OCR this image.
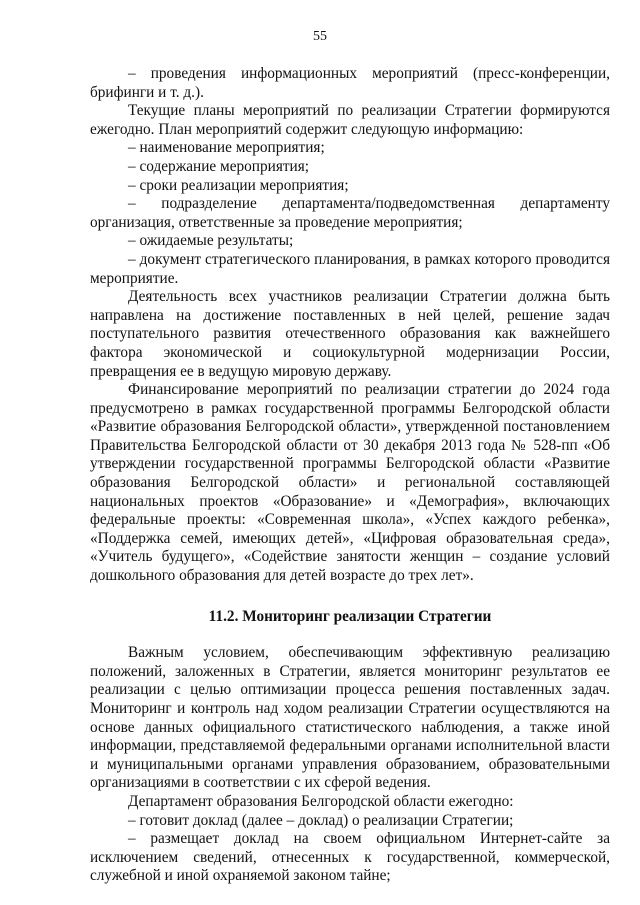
55

– проведения информационных мероприятий (пресс-конференции, брифинги и т. д.).

Текущие планы мероприятий по реализации Стратегии формируются ежегодно. План мероприятий содержит следующую информацию:

– наименование мероприятия;

– содержание мероприятия;

– сроки реализации мероприятия;

– подразделение департамента/подведомственная департаменту организация, ответственные за проведение мероприятия;

– ожидаемые результаты;

– документ стратегического планирования, в рамках которого проводится мероприятие.

Деятельность всех участников реализации Стратегии должна быть направлена на достижение поставленных в ней целей, решение задач поступательного развития отечественного образования как важнейшего фактора экономической и социокультурной модернизации России, превращения ее в ведущую мировую державу.

Финансирование мероприятий по реализации стратегии до 2024 года предусмотрено в рамках государственной программы Белгородской области «Развитие образования Белгородской области», утвержденной постановлением Правительства Белгородской области от 30 декабря 2013 года № 528-пп «Об утверждении государственной программы Белгородской области «Развитие образования Белгородской области» и региональной составляющей национальных проектов «Образование» и «Демография», включающих федеральные проекты: «Современная школа», «Успех каждого ребенка», «Поддержка семей, имеющих детей», «Цифровая образовательная среда», «Учитель будущего», «Содействие занятости женщин – создание условий дошкольного образования для детей возрасте до трех лет».

11.2. Мониторинг реализации Стратегии

Важным условием, обеспечивающим эффективную реализацию положений, заложенных в Стратегии, является мониторинг результатов ее реализации с целью оптимизации процесса решения поставленных задач. Мониторинг и контроль над ходом реализации Стратегии осуществляются на основе данных официального статистического наблюдения, а также иной информации, представляемой федеральными органами исполнительной власти и муниципальными органами управления образованием, образовательными организациями в соответствии с их сферой ведения.

Департамент образования Белгородской области ежегодно:

– готовит доклад (далее – доклад) о реализации Стратегии;

– размещает доклад на своем официальном Интернет-сайте за исключением сведений, отнесенных к государственной, коммерческой, служебной и иной охраняемой законом тайне;
